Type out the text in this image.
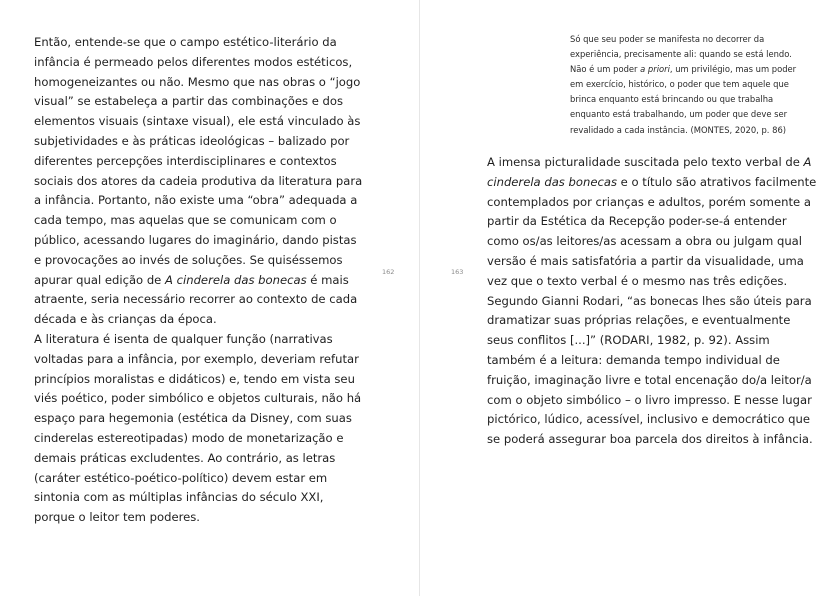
Então, entende-se que o campo estético-literário da infância é permeado pelos diferentes modos estéticos, homogeneizantes ou não. Mesmo que nas obras o “jogo visual” se estabeleça a partir das combinações e dos elementos visuais (sintaxe visual), ele está vinculado às subjetividades e às práticas ideológicas – balizado por diferentes percepções interdisciplinares e contextos sociais dos atores da cadeia produtiva da literatura para a infância. Portanto, não existe uma “obra” adequada a cada tempo, mas aquelas que se comunicam com o público, acessando lugares do imaginário, dando pistas e provocações ao invés de soluções. Se quiséssemos apurar qual edição de A cinderela das bonecas é mais atraente, seria necessário recorrer ao contexto de cada década e às crianças da época.

A literatura é isenta de qualquer função (narrativas voltadas para a infância, por exemplo, deveriam refutar princípios moralistas e didáticos) e, tendo em vista seu viés poético, poder simbólico e objetos culturais, não há espaço para hegemonia (estética da Disney, com suas cinderelas estereotipadas) modo de monetarização e demais práticas excludentes. Ao contrário, as letras (caráter estético-poético-político) devem estar em sintonia com as múltiplas infâncias do século XXI, porque o leitor tem poderes.

162	163

Só que seu poder se manifesta no decorrer da experiência, precisamente ali: quando se está lendo. Não é um poder a priori, um privilégio, mas um poder em exercício, histórico, o poder que tem aquele que brinca enquanto está brincando ou que trabalha enquanto está trabalhando, um poder que deve ser revalidado a cada instância. (MONTES, 2020, p. 86)

A imensa picturalidade suscitada pelo texto verbal de A cinderela das bonecas e o título são atrativos facilmente contemplados por crianças e adultos, porém somente a partir da Estética da Recepção poder-se-á entender como os/as leitores/as acessam a obra ou julgam qual versão é mais satisfatória a partir da visualidade, uma vez que o texto verbal é o mesmo nas três edições.

Segundo Gianni Rodari, “as bonecas lhes são úteis para dramatizar suas próprias relações, e eventualmente seus conflitos [...]” (RODARI, 1982, p. 92). Assim também é a leitura: demanda tempo individual de fruição, imaginação livre e total encenação do/a leitor/a com o objeto simbólico – o livro impresso. E nesse lugar pictórico, lúdico, acessível, inclusivo e democrático que se poderá assegurar boa parcela dos direitos à infância.
